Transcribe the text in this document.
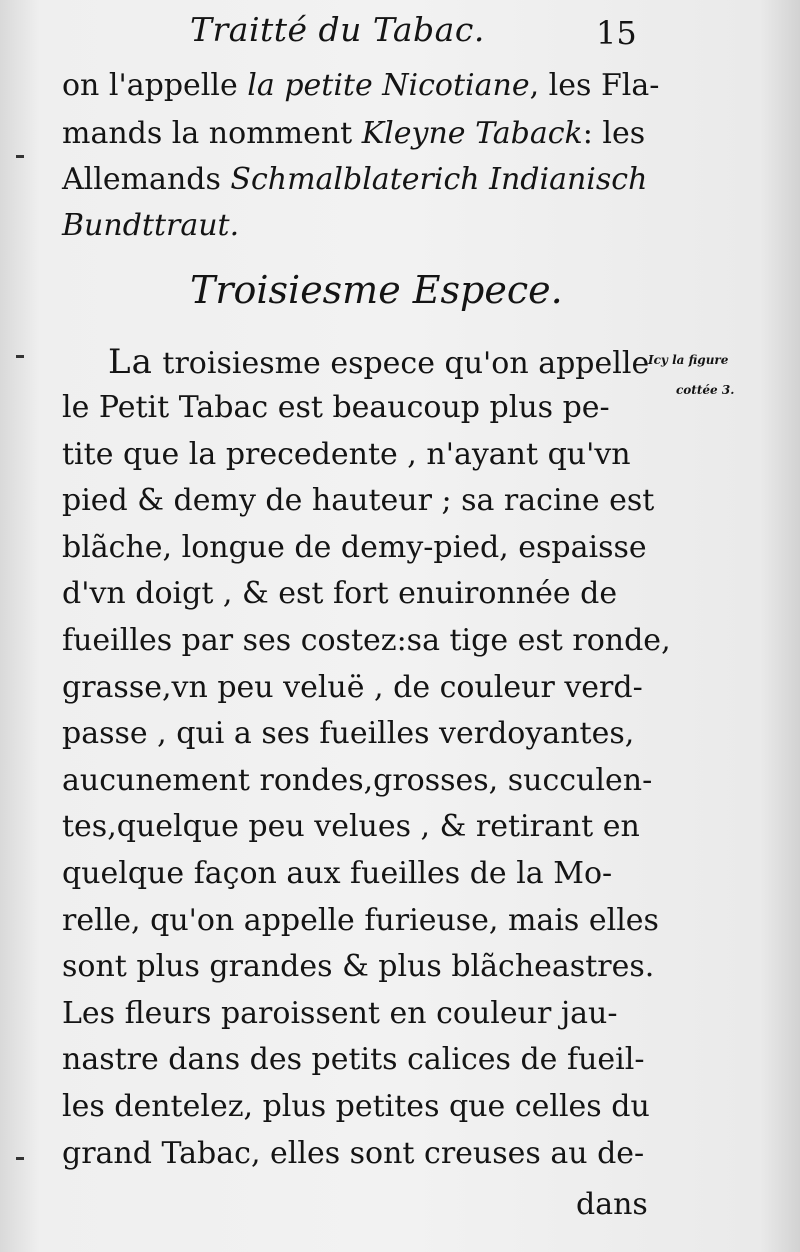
Traitté du Tabac.	15
on l'appelle la petite Nicotiane, les Fla-
mands la nomment Kleyne Taback: les
Allemands Schmalblaterich Indianisch
Bundttraut.
Troisiesme Espece.
La troisiesme espece qu'on appelle
Icy la figure
cottée 3.
le Petit Tabac est beaucoup plus pe-
tite que la precedente , n'ayant qu'vn
pied & demy de hauteur ; sa racine est
blãche, longue de demy-pied, espaisse
d'vn doigt , & est fort enuironnée de
fueilles par ses costez:sa tige est ronde,
grasse,vn peu veluë , de couleur verd-
passe , qui a ses fueilles verdoyantes,
aucunement rondes,grosses, succulen-
tes,quelque peu velues , & retirant en
quelque façon aux fueilles de la Mo-
relle, qu'on appelle furieuse, mais elles
sont plus grandes & plus blãcheastres.
Les fleurs paroissent en couleur jau-
nastre dans des petits calices de fueil-
les dentelez, plus petites que celles du
grand Tabac, elles sont creuses au de-
dans
